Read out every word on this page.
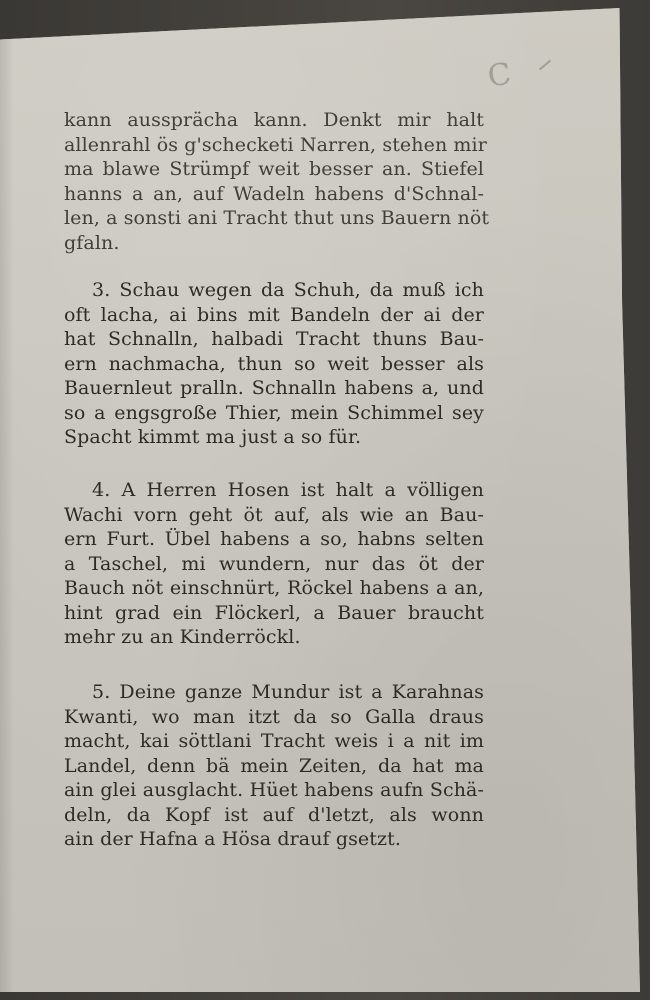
C
kann aussprächa kann. Denkt mir halt
allenrahl ös g'schecketi Narren, stehen mir
ma blawe Strümpf weit besser an. Stiefel
hanns a an, auf Wadeln habens d'Schnal-
len, a sonsti ani Tracht thut uns Bauern nöt
gfaln.
3. Schau wegen da Schuh, da muß ich
oft lacha, ai bins mit Bandeln der ai der
hat Schnalln, halbadi Tracht thuns Bau-
ern nachmacha, thun so weit besser als
Bauernleut pralln. Schnalln habens a, und
so a engsgroße Thier, mein Schimmel sey
Spacht kimmt ma just a so für.
4. A Herren Hosen ist halt a völligen
Wachi vorn geht öt auf, als wie an Bau-
ern Furt. Übel habens a so, habns selten
a Taschel, mi wundern, nur das öt der
Bauch nöt einschnürt, Röckel habens a an,
hint grad ein Flöckerl, a Bauer braucht
mehr zu an Kinderröckl.
5. Deine ganze Mundur ist a Karahnas
Kwanti, wo man itzt da so Galla draus
macht, kai söttlani Tracht weis i a nit im
Landel, denn bä mein Zeiten, da hat ma
ain glei ausglacht. Hüet habens aufn Schä-
deln, da Kopf ist auf d'letzt, als wonn
ain der Hafna a Hösa drauf gsetzt.
